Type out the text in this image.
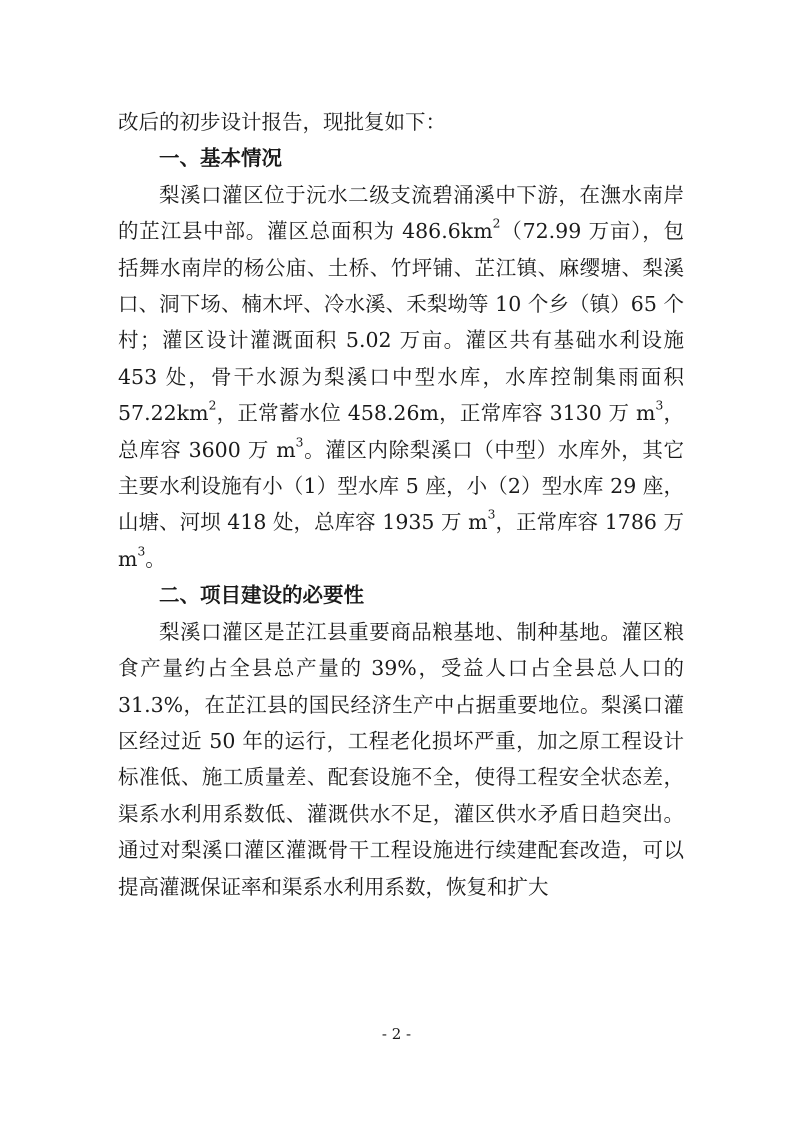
改后的初步设计报告，现批复如下：

一、基本情况

梨溪口灌区位于沅水二级支流碧涌溪中下游，在潕水南岸的芷江县中部。灌区总面积为 $486.6km^2(72.99$ 万亩），包括舞水南岸的杨公庙、土桥、竹坪铺、芷江镇、麻缨塘、梨溪口、洞下场、楠木坪、冷水溪、禾梨坳等 10 个乡（镇）65 个村；灌区设计灌溉面积 5.02 万亩。灌区共有基础水利设施 453 处，骨干水源为梨溪口中型水库，水库控制集雨面积 $57.22km^2$，正常蓄水位 458.26m，正常库容 3130 万 $m^3$，总库容 3600 万 $m^3$。灌区内除梨溪口（中型）水库外，其它主要水利设施有小（1）型水库 5 座，小（2）型水库 29 座，山塘、河坝 418 处，总库容 1935 万 $m^3$，正常库容 1786 万 $m^3$。

二、项目建设的必要性

梨溪口灌区是芷江县重要商品粮基地、制种基地。灌区粮食产量约占全县总产量的 39%，受益人口占全县总人口的 31.3%，在芷江县的国民经济生产中占据重要地位。梨溪口灌区经过近 50 年的运行，工程老化损坏严重，加之原工程设计标准低、施工质量差、配套设施不全，使得工程安全状态差，渠系水利用系数低、灌溉供水不足，灌区供水矛盾日趋突出。通过对梨溪口灌区灌溉骨干工程设施进行续建配套改造，可以提高灌溉保证率和渠系水利用系数，恢复和扩大

- 2 -
